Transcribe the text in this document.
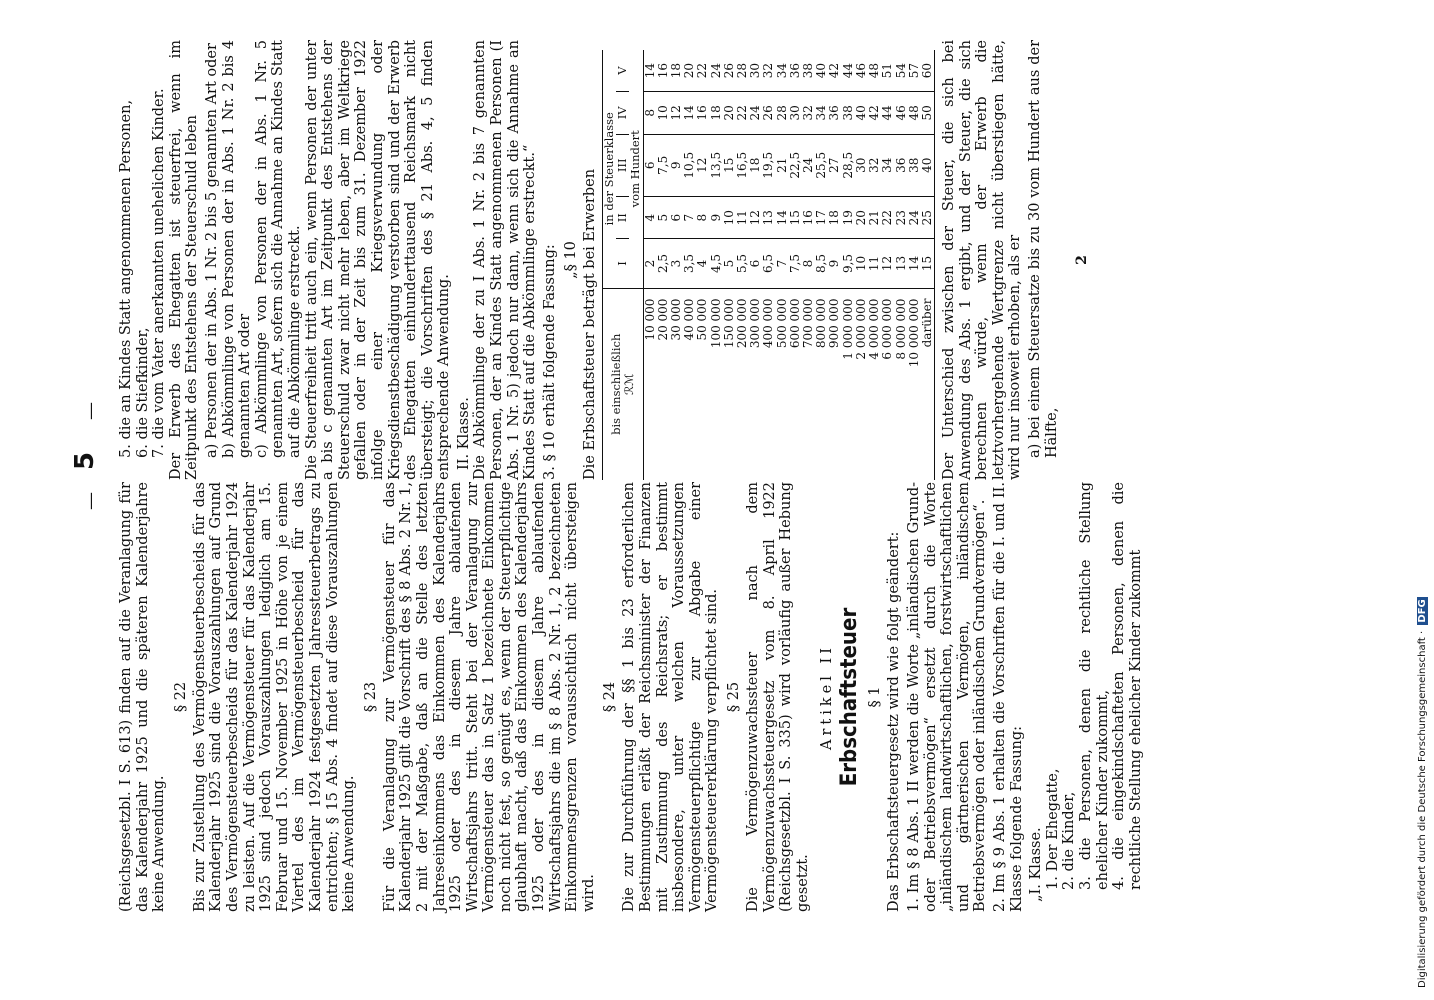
—
5
—

(Reichsgesetzbl. I S. 613) finden auf die Veranlagung für das Kalenderjahr 1925 und die späteren Kalenderjahre keine Anwendung.

§ 22 Bis zur Zustellung des Vermögensteuerbescheids für das Kalenderjahr 1925 sind die Vorauszahlungen auf Grund des Vermögensteuerbescheids für das Kalenderjahr 1924 zu leisten. Auf die Vermögensteuer für das Kalenderjahr 1925 sind jedoch Vorauszahlungen lediglich am 15. Februar und 15. November 1925 in Höhe von je einem Viertel des im Vermögensteuerbescheid für das Kalenderjahr 1924 festgesetzten Jahressteuerbetrags zu entrichten; § 15 Abs. 4 findet auf diese Vorauszahlungen keine Anwendung.

§ 23 Für die Veranlagung zur Vermögensteuer für das Kalenderjahr 1925 gilt die Vorschrift des § 8 Abs. 2 Nr. 1, 2 mit der Maßgabe, daß an die Stelle des letzten Jahreseinkommens das Einkommen des Kalenderjahrs 1925 oder des in diesem Jahre ablaufenden Wirtschaftsjahrs tritt. Steht bei der Veranlagung zur Vermögensteuer das in Satz 1 bezeichnete Einkommen noch nicht fest, so genügt es, wenn der Steuerpflichtige glaubhaft macht, daß das Einkommen des Kalenderjahrs 1925 oder des in diesem Jahre ablaufenden Wirtschaftsjahrs die im § 8 Abs. 2 Nr. 1, 2 bezeichneten Einkommensgrenzen voraussichtlich nicht übersteigen wird.

§ 24 Die zur Durchführung der §§ 1 bis 23 erforderlichen Bestimmungen erläßt der Reichsminister der Finanzen mit Zustimmung des Reichsrats; er bestimmt insbesondere, unter welchen Voraussetzungen Vermögensteuerpflichtige zur Abgabe einer Vermögensteuererklärung verpflichtet sind. § 25 Die Vermögenzuwachssteuer nach dem Vermögenzuwachssteuergesetz vom 8. April 1922 (Reichsgesetzbl. I S. 335) wird vorläufig außer Hebung gesetzt.

Artikel II Erbschaftsteuer § 1 Das Erbschaftsteuergesetz wird wie folgt geändert: 1. Im § 8 Abs. 1 II werden die Worte „inländischen Grund- oder Betriebsvermögen“ ersetzt durch die Worte „inländischem landwirtschaftlichen, forstwirtschaftlichen und gärtnerischen Vermögen, inländischem Betriebsvermögen oder inländischem Grundvermögen“. 2. Im § 9 Abs. 1 erhalten die Vorschriften für die I. und II. Klasse folgende Fassung: „I. Klasse. 1. Der Ehegatte, 2. die Kinder, 3. die Personen, denen die rechtliche Stellung ehelicher Kinder zukommt, 4. die eingekindschafteten Personen, denen die rechtliche Stellung ehelicher Kinder zukommt

5. die an Kindes Statt angenommenen Personen, 6. die Stiefkinder, 7. die vom Vater anerkannten unehelichen Kinder. Der Erwerb des Ehegatten ist steuerfrei, wenn im Zeitpunkt des Entstehens der Steuerschuld leben a) Personen der in Abs. 1 Nr. 2 bis 5 genannten Art oder b) Abkömmlinge von Personen der in Abs. 1 Nr. 2 bis 4 genannten Art oder c) Abkömmlinge von Personen der in Abs. 1 Nr. 5 genannten Art, sofern sich die Annahme an Kindes Statt auf die Abkömmlinge erstreckt. Die Steuerfreiheit tritt auch ein, wenn Personen der unter a bis c genannten Art im Zeitpunkt des Entstehens der Steuerschuld zwar nicht mehr leben, aber im Weltkriege gefallen oder in der Zeit bis zum 31. Dezember 1922 infolge einer Kriegsverwundung oder Kriegsdienstbeschädigung verstorben sind und der Erwerb des Ehegatten einhunderttausend Reichsmark nicht übersteigt; die Vorschriften des § 21 Abs. 4, 5 finden entsprechende Anwendung. II. Klasse. Die Abkömmlinge der zu I Abs. 1 Nr. 2 bis 7 genannten Personen, der an Kindes Statt angenommenen Personen (I Abs. 1 Nr. 5) jedoch nur dann, wenn sich die Annahme an Kindes Statt auf die Abkömmlinge erstreckt.“ 3. § 10 erhält folgende Fassung: „§ 10 Die Erbschaftsteuer beträgt bei Erwerben bis einschließlich
ℛℳ	in der Steuerklasse				
	I	II	III	IV	V
	vom Hundert				
10 000	2	4	6	8	14
20 000	2,5	5	7,5	10	16
30 000	3	6	9	12	18
40 000	3,5	7	10,5	14	20
50 000	4	8	12	16	22
100 000	4,5	9	13,5	18	24
150 000	5	10	15	20	26
200 000	5,5	11	16,5	22	28
300 000	6	12	18	24	30
400 000	6,5	13	19,5	26	32
500 000	7	14	21	28	34
600 000	7,5	15	22,5	30	36
700 000	8	16	24	32	38
800 000	8,5	17	25,5	34	40
900 000	9	18	27	36	42
1 000 000	9,5	19	28,5	38	44
2 000 000	10	20	30	40	46
4 000 000	11	21	32	42	48
6 000 000	12	22	34	44	51
8 000 000	13	23	36	46	54
10 000 000	14	24	38	48	57
darüber	15	25	40	50	60 Der Unterschied zwischen der Steuer, die sich bei Anwendung des Abs. 1 ergibt, und der Steuer, die sich berechnen würde, wenn der Erwerb die letztvorhergehende Wertgrenze nicht überstiegen hätte, wird nur insoweit erhoben, als er a) bei einem Steuersatze bis zu 30 vom Hundert aus der Hälfte,

2

Digitalisierung gefördert durch die Deutsche Forschungsgemeinschaft · DFG
